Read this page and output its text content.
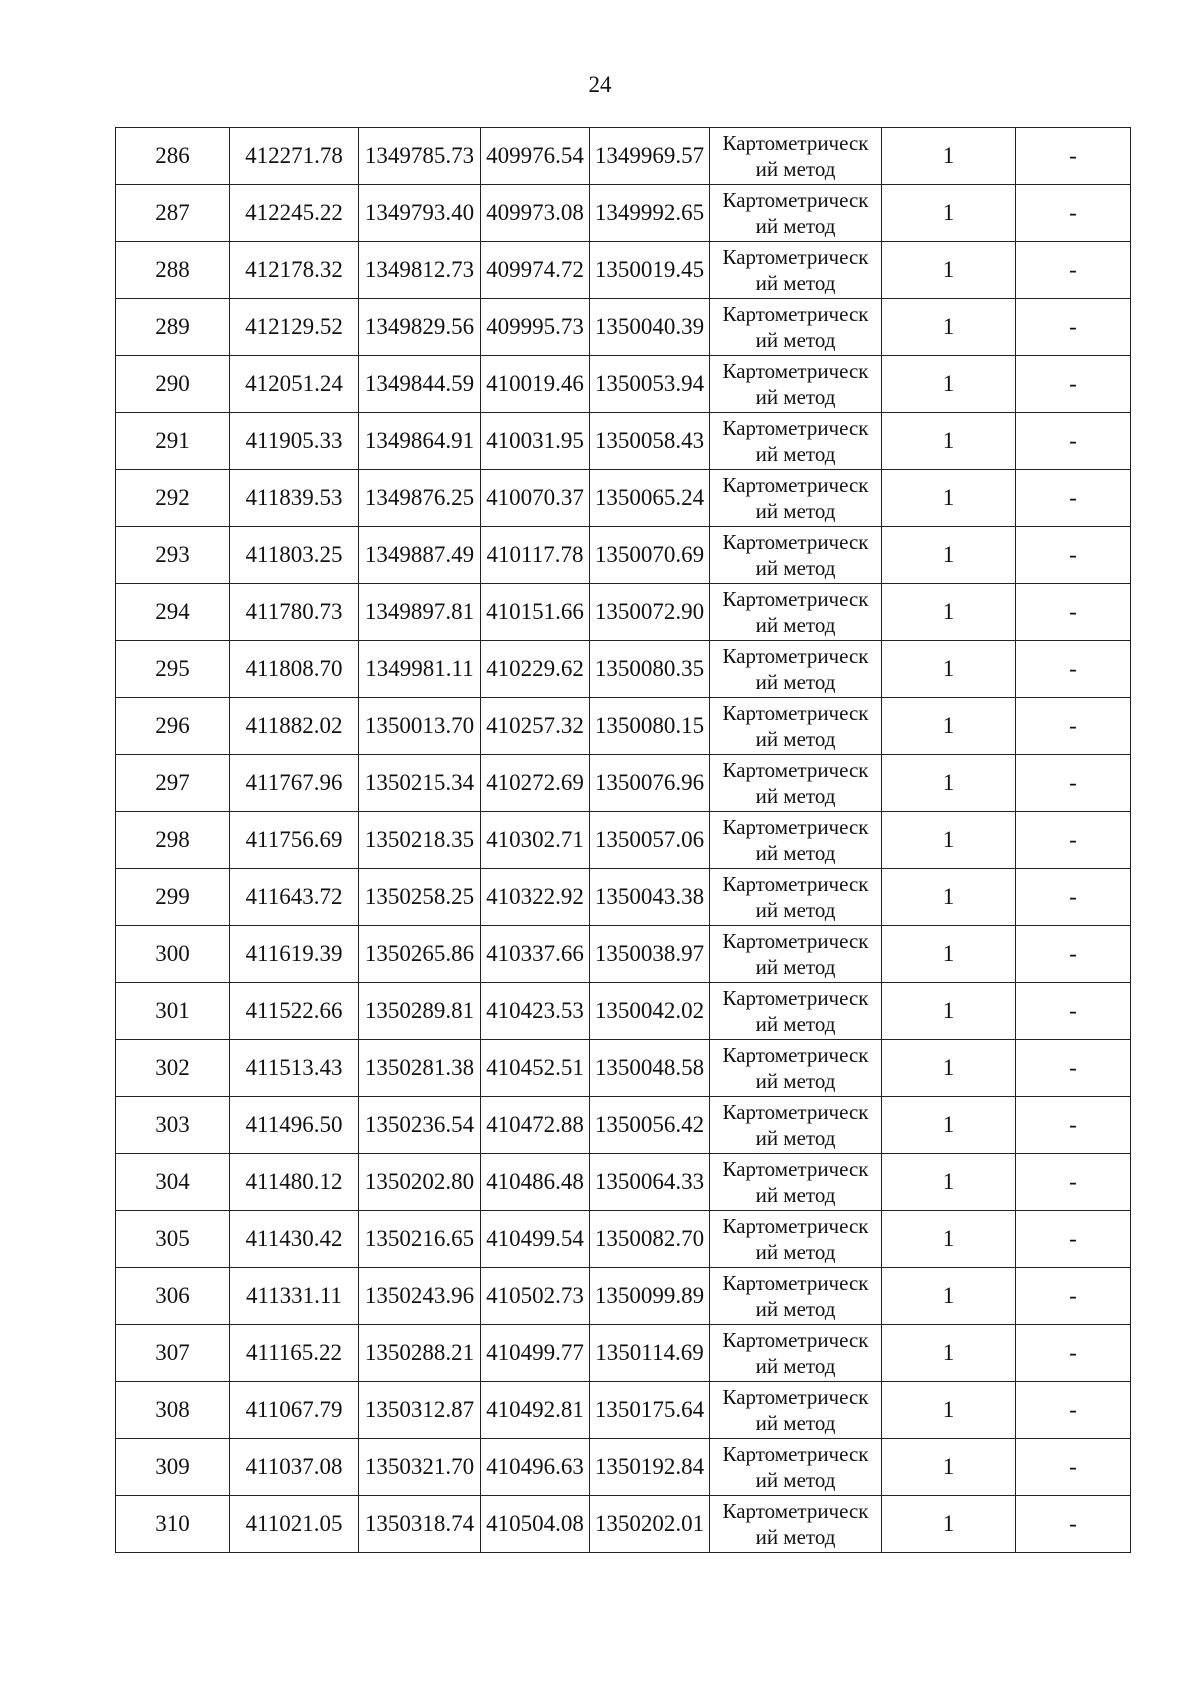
24
286	412271.78	1349785.73	409976.54	1349969.57	Картометрическ
ий метод	1	-
287	412245.22	1349793.40	409973.08	1349992.65	Картометрическ
ий метод	1	-
288	412178.32	1349812.73	409974.72	1350019.45	Картометрическ
ий метод	1	-
289	412129.52	1349829.56	409995.73	1350040.39	Картометрическ
ий метод	1	-
290	412051.24	1349844.59	410019.46	1350053.94	Картометрическ
ий метод	1	-
291	411905.33	1349864.91	410031.95	1350058.43	Картометрическ
ий метод	1	-
292	411839.53	1349876.25	410070.37	1350065.24	Картометрическ
ий метод	1	-
293	411803.25	1349887.49	410117.78	1350070.69	Картометрическ
ий метод	1	-
294	411780.73	1349897.81	410151.66	1350072.90	Картометрическ
ий метод	1	-
295	411808.70	1349981.11	410229.62	1350080.35	Картометрическ
ий метод	1	-
296	411882.02	1350013.70	410257.32	1350080.15	Картометрическ
ий метод	1	-
297	411767.96	1350215.34	410272.69	1350076.96	Картометрическ
ий метод	1	-
298	411756.69	1350218.35	410302.71	1350057.06	Картометрическ
ий метод	1	-
299	411643.72	1350258.25	410322.92	1350043.38	Картометрическ
ий метод	1	-
300	411619.39	1350265.86	410337.66	1350038.97	Картометрическ
ий метод	1	-
301	411522.66	1350289.81	410423.53	1350042.02	Картометрическ
ий метод	1	-
302	411513.43	1350281.38	410452.51	1350048.58	Картометрическ
ий метод	1	-
303	411496.50	1350236.54	410472.88	1350056.42	Картометрическ
ий метод	1	-
304	411480.12	1350202.80	410486.48	1350064.33	Картометрическ
ий метод	1	-
305	411430.42	1350216.65	410499.54	1350082.70	Картометрическ
ий метод	1	-
306	411331.11	1350243.96	410502.73	1350099.89	Картометрическ
ий метод	1	-
307	411165.22	1350288.21	410499.77	1350114.69	Картометрическ
ий метод	1	-
308	411067.79	1350312.87	410492.81	1350175.64	Картометрическ
ий метод	1	-
309	411037.08	1350321.70	410496.63	1350192.84	Картометрическ
ий метод	1	-
310	411021.05	1350318.74	410504.08	1350202.01	Картометрическ
ий метод	1	-
